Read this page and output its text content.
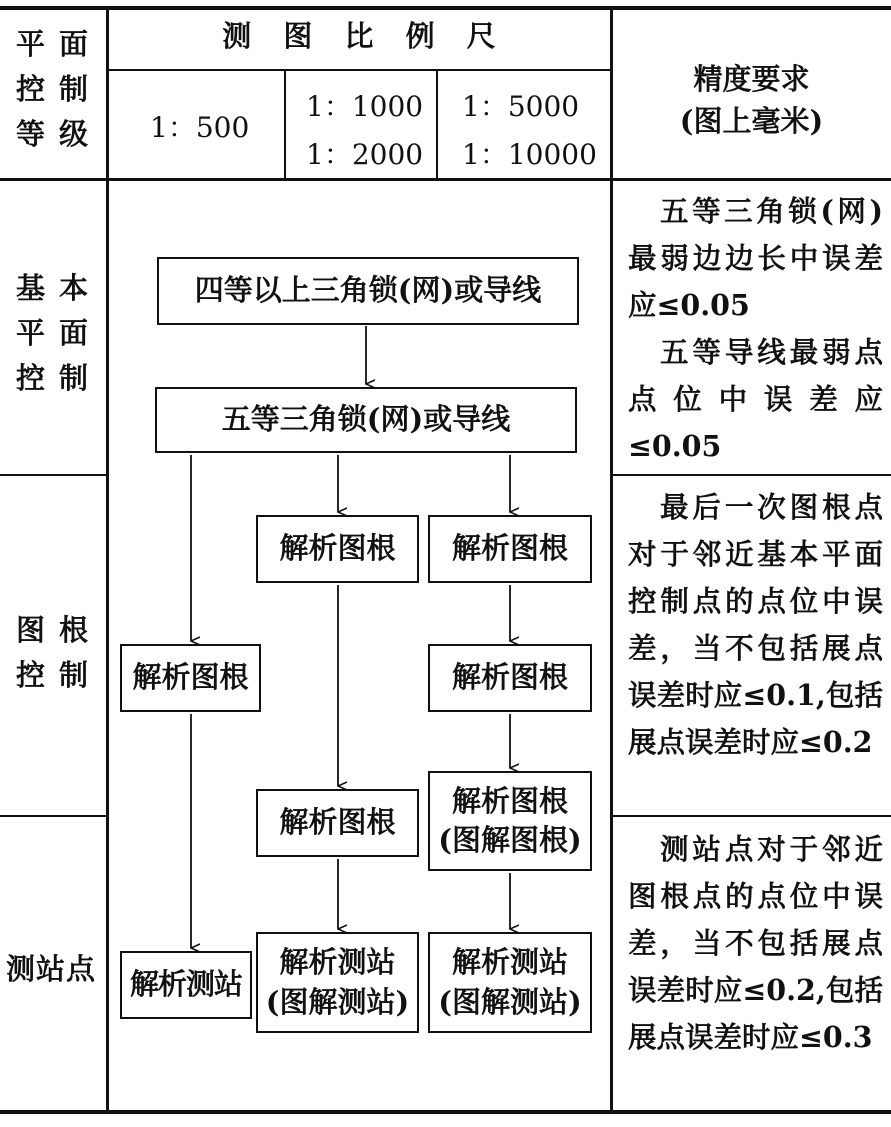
平面
控制
等级
测 图 比 例 尺
1：500
1：1000
1：2000
1：5000
1：10000
精度要求
(图上毫米)
基本
平面
控制
图根
控制
测站点

五等三角锁(网)最弱边边长中误差应≤0.05

五等导线最弱点点位中误差应≤0.05

最后一次图根点对于邻近基本平面控制点的点位中误差，当不包括展点误差时应≤0.1,包括展点误差时应≤0.2

测站点对于邻近图根点的点位中误差，当不包括展点误差时应≤0.2,包括展点误差时应≤0.3

四等以上三角锁(网)或导线
五等三角锁(网)或导线
解析图根	解析图根
解析图根	解析图根
解析图根
解析图根
(图解图根)
解析测站
解析测站
(图解测站)
解析测站
(图解测站)
